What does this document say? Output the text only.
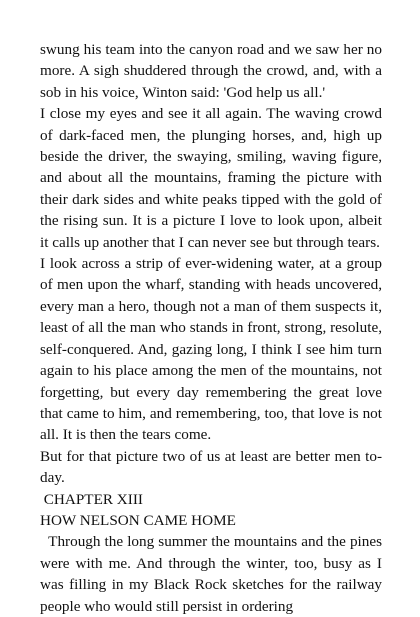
swung his team into the canyon road and we saw her no more. A sigh shuddered through the crowd, and, with a sob in his voice, Winton said: 'God help us all.'

I close my eyes and see it all again. The waving crowd of dark-faced men, the plunging horses, and, high up beside the driver, the swaying, smiling, waving figure, and about all the mountains, framing the picture with their dark sides and white peaks tipped with the gold of the rising sun. It is a picture I love to look upon, albeit it calls up another that I can never see but through tears.

I look across a strip of ever-widening water, at a group of men upon the wharf, standing with heads uncovered, every man a hero, though not a man of them suspects it, least of all the man who stands in front, strong, resolute, self-conquered. And, gazing long, I think I see him turn again to his place among the men of the mountains, not forgetting, but every day remembering the great love that came to him, and remembering, too, that love is not all. It is then the tears come.

But for that picture two of us at least are better men to-day.

CHAPTER XIII
HOW NELSON CAME HOME

Through the long summer the mountains and the pines were with me. And through the winter, too, busy as I was filling in my Black Rock sketches for the railway people who would still persist in ordering
